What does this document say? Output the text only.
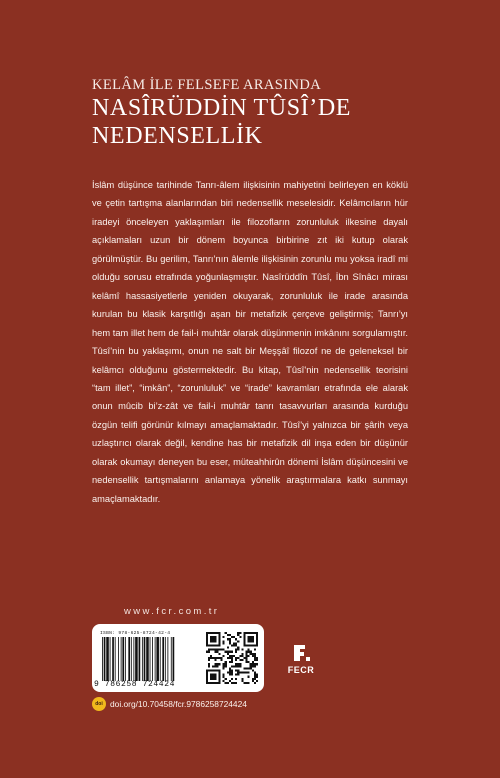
KELÂM İLE FELSEFE ARASINDA
NASÎRÜDDİN TÛSÎ’DE
NEDENSELLİK

İslâm düşünce tarihinde Tanrı-âlem ilişkisinin mahiyetini belirleyen en köklü ve çetin tartışma alanlarından biri nedensellik meselesidir. Kelâmcıların hür iradeyi önceleyen yaklaşımları ile filozofların zorunluluk ilkesine dayalı açıklamaları uzun bir dönem boyunca birbirine zıt iki kutup olarak görülmüştür. Bu gerilim, Tanrı’nın âlemle ilişkisinin zorunlu mu yoksa iradî mi olduğu sorusu etrafında yoğunlaşmıştır. Nasîrüddîn Tûsî, İbn Sînâcı mirası kelâmî hassasiyetlerle yeniden okuyarak, zorunluluk ile irade arasında kurulan bu klasik karşıtlığı aşan bir metafizik çerçeve geliştirmiş; Tanrı’yı hem tam illet hem de fail-i muhtâr olarak düşünmenin imkânını sorgulamıştır. Tûsî’nin bu yaklaşımı, onun ne salt bir Meşşâî filozof ne de geleneksel bir kelâmcı olduğunu göstermektedir. Bu kitap, Tûsî’nin nedensellik teorisini “tam illet”, “imkân”, “zorunluluk” ve “irade” kavramları etrafında ele alarak onun mûcib bi’z-zât ve fail-i muhtâr tanrı tasavvurları arasında kurduğu özgün telifi görünür kılmayı amaçlamaktadır. Tûsî’yi yalnızca bir şârih veya uzlaştırıcı olarak değil, kendine has bir metafizik dil inşa eden bir düşünür olarak okumayı deneyen bu eser, müteahhirûn dönemi İslâm düşüncesini ve nedensellik tartışmalarını anlamaya yönelik araştırmalara katkı sunmayı amaçlamaktadır.

www.fcr.com.tr
ISBN: 978-625-8724-42-4
9 786258 724424
FECR
doi doi.org/10.70458/fcr.9786258724424
